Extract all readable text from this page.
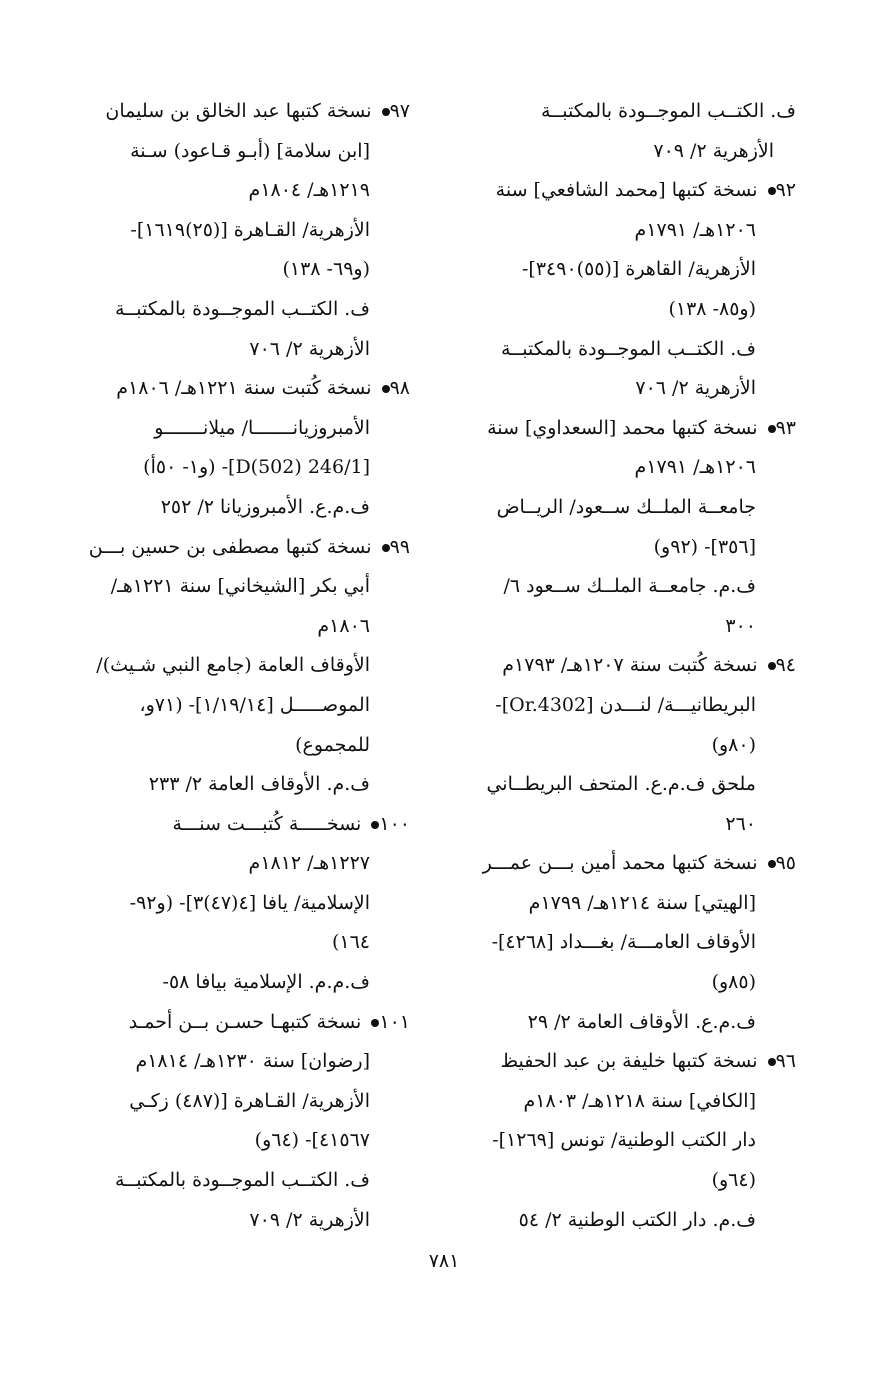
ف. الكتــب الموجــودة بالمكتبــة
الأزهرية ٢/ ٧٠٩
٩٢ نسخة كتبها [محمد الشافعي] سنة
١٢٠٦هـ/ ١٧٩١م
الأزهرية/ القاهرة [(٥٥)٣٤٩٠]-
(و٨٥- ١٣٨)
ف. الكتــب الموجــودة بالمكتبــة
الأزهرية ٢/ ٧٠٦
٩٣ نسخة كتبها محمد [السعداوي] سنة
١٢٠٦هـ/ ١٧٩١م
جامعــة الملــك ســعود/ الريــاض
[٣٥٦]- (٩٢و)
ف.م. جامعــة الملــك ســعود ٦/
٣٠٠
٩٤ نسخة كُتبت سنة ١٢٠٧هـ/ ١٧٩٣م
البريطانيـــة/ لنـــدن [Or.4302]-
(٨٠و)
ملحق ف.م.ع. المتحف البريطــاني
٢٦٠
٩٥ نسخة كتبها محمد أمين بـــن عمـــر
[الهيتي] سنة ١٢١٤هـ/ ١٧٩٩م
الأوقاف العامـــة/ بغـــداد [٤٢٦٨]-
(٨٥و)
ف.م.ع. الأوقاف العامة ٢/ ٢٩
٩٦ نسخة كتبها خليفة بن عبد الحفيظ
[الكافي] سنة ١٢١٨هـ/ ١٨٠٣م
دار الكتب الوطنية/ تونس [١٢٦٩]-
(٦٤و)
ف.م. دار الكتب الوطنية ٢/ ٥٤
٩٧ نسخة كتبها عبد الخالق بن سليمان
[ابن سلامة] (أبـو قـاعود) سـنة
١٢١٩هـ/ ١٨٠٤م
الأزهرية/ القـاهرة [(٢٥)١٦١٩]-
(و٦٩- ١٣٨)
ف. الكتــب الموجــودة بالمكتبــة
الأزهرية ٢/ ٧٠٦
٩٨ نسخة كُتبت سنة ١٢٢١هـ/ ١٨٠٦م
الأمبروزيانـــــــا/ ميلانـــــــو
[246/1 D(502)]- (و١- ٥٠أ)
ف.م.ع. الأمبروزيانا ٢/ ٢٥٢
٩٩ نسخة كتبها مصطفى بن حسين بـــن
أبي بكر [الشيخاني] سنة ١٢٢١هـ/
١٨٠٦م
الأوقاف العامة (جامع النبي شـيث)/
الموصـــــل [١/١٩/١٤]- (٧١و،
للمجموع)
ف.م. الأوقاف العامة ٢/ ٢٣٣
١٠٠ نسخـــــة كُتبـــت سنـــة
١٢٢٧هـ/ ١٨١٢م
الإسلامية/ يافا [٤(٤٧)٣]- (و٩٢-
١٦٤)
ف.م.م. الإسلامية بيافا ٥٨-
١٠١ نسخة كتبهـا حسـن بــن أحمـد
[رضوان] سنة ١٢٣٠هـ/ ١٨١٤م
الأزهرية/ القـاهرة [(٤٨٧) زكـي
٤١٥٦٧]- (٦٤و)
ف. الكتــب الموجــودة بالمكتبــة
الأزهرية ٢/ ٧٠٩
٧٨١
